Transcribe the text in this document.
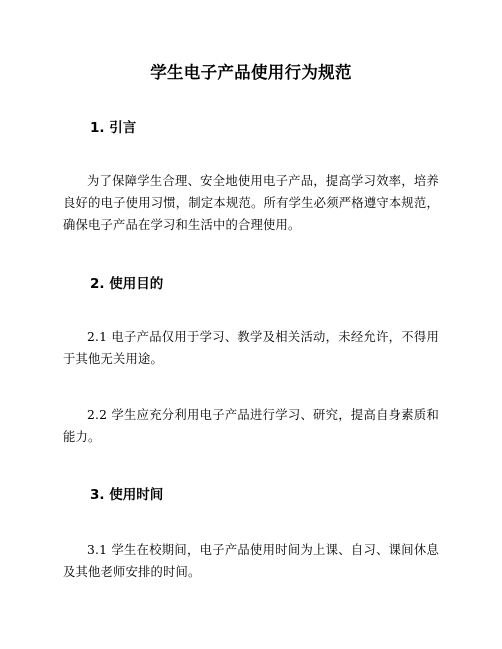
学生电子产品使用行为规范
1. 引言

为了保障学生合理、安全地使用电子产品，提高学习效率，培养良好的电子使用习惯，制定本规范。所有学生必须严格遵守本规范，确保电子产品在学习和生活中的合理使用。

2. 使用目的

2.1 电子产品仅用于学习、教学及相关活动，未经允许，不得用于其他无关用途。

2.2 学生应充分利用电子产品进行学习、研究，提高自身素质和能力。

3. 使用时间

3.1 学生在校期间，电子产品使用时间为上课、自习、课间休息及其他老师安排的时间。
